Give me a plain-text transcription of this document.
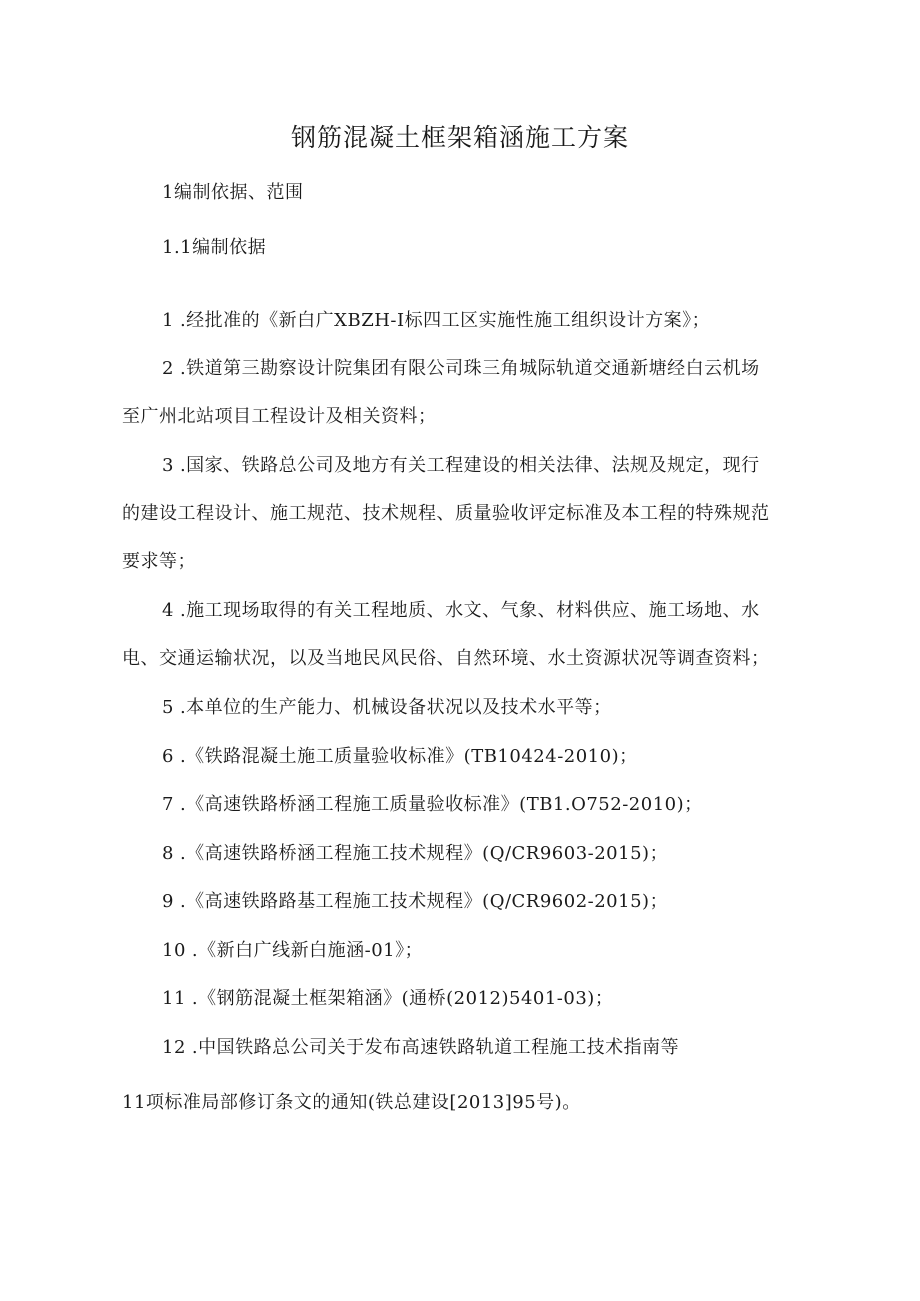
钢筋混凝土框架箱涵施工方案
1编制依据、范围
1.1编制依据
1 .经批准的《新白广XBZH-I标四工区实施性施工组织设计方案》；
2 .铁道第三勘察设计院集团有限公司珠三角城际轨道交通新塘经白云机场
至广州北站项目工程设计及相关资料；
3 .国家、铁路总公司及地方有关工程建设的相关法律、法规及规定，现行
的建设工程设计、施工规范、技术规程、质量验收评定标准及本工程的特殊规范
要求等；
4 .施工现场取得的有关工程地质、水文、气象、材料供应、施工场地、水
电、交通运输状况，以及当地民风民俗、自然环境、水土资源状况等调查资料；
5 .本单位的生产能力、机械设备状况以及技术水平等；
6 .《铁路混凝土施工质量验收标准》(TB10424-2010)；
7 .《高速铁路桥涵工程施工质量验收标准》(TB1.O752-2010)；
8 .《高速铁路桥涵工程施工技术规程》(Q/CR9603-2015)；
9 .《高速铁路路基工程施工技术规程》(Q/CR9602-2015)；
10 .《新白广线新白施涵-01》；
11 .《钢筋混凝土框架箱涵》(通桥(2012)5401-03)；
12 .中国铁路总公司关于发布高速铁路轨道工程施工技术指南等
11项标准局部修订条文的通知(铁总建设[2013]95号)。
